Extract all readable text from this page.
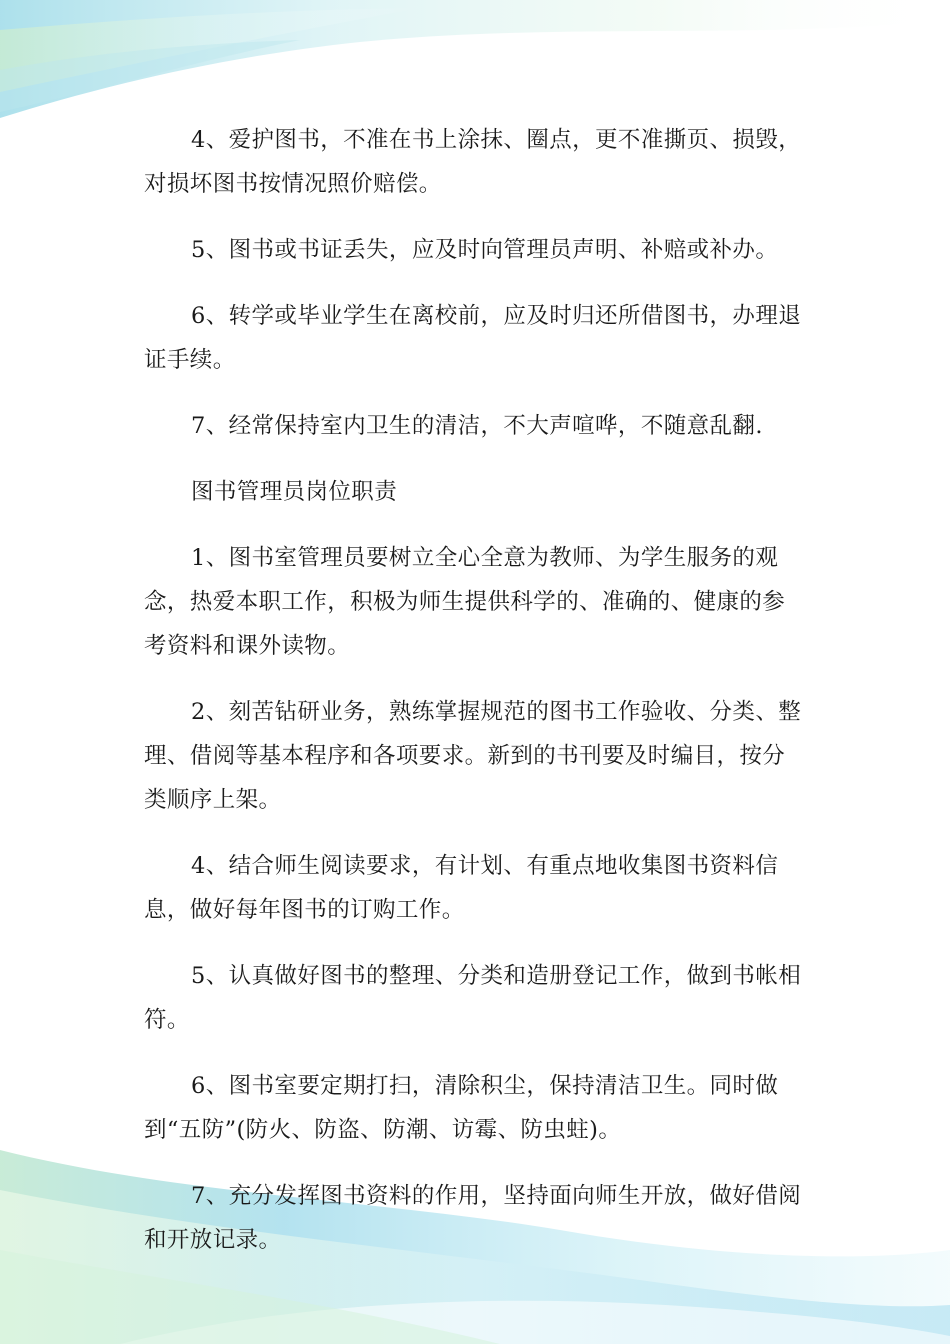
4、爱护图书，不准在书上涂抹、圈点，更不准撕页、损毁，对损坏图书按情况照价赔偿。

5、图书或书证丢失，应及时向管理员声明、补赔或补办。

6、转学或毕业学生在离校前，应及时归还所借图书，办理退证手续。

7、经常保持室内卫生的清洁，不大声喧哗，不随意乱翻.

图书管理员岗位职责

1、图书室管理员要树立全心全意为教师、为学生服务的观念，热爱本职工作，积极为师生提供科学的、准确的、健康的参考资料和课外读物。

2、刻苦钻研业务，熟练掌握规范的图书工作验收、分类、整理、借阅等基本程序和各项要求。新到的书刊要及时编目，按分类顺序上架。

4、结合师生阅读要求，有计划、有重点地收集图书资料信息，做好每年图书的订购工作。

5、认真做好图书的整理、分类和造册登记工作，做到书帐相符。

6、图书室要定期打扫，清除积尘，保持清洁卫生。同时做到“五防”(防火、防盗、防潮、访霉、防虫蛀)。

7、充分发挥图书资料的作用，坚持面向师生开放，做好借阅和开放记录。
